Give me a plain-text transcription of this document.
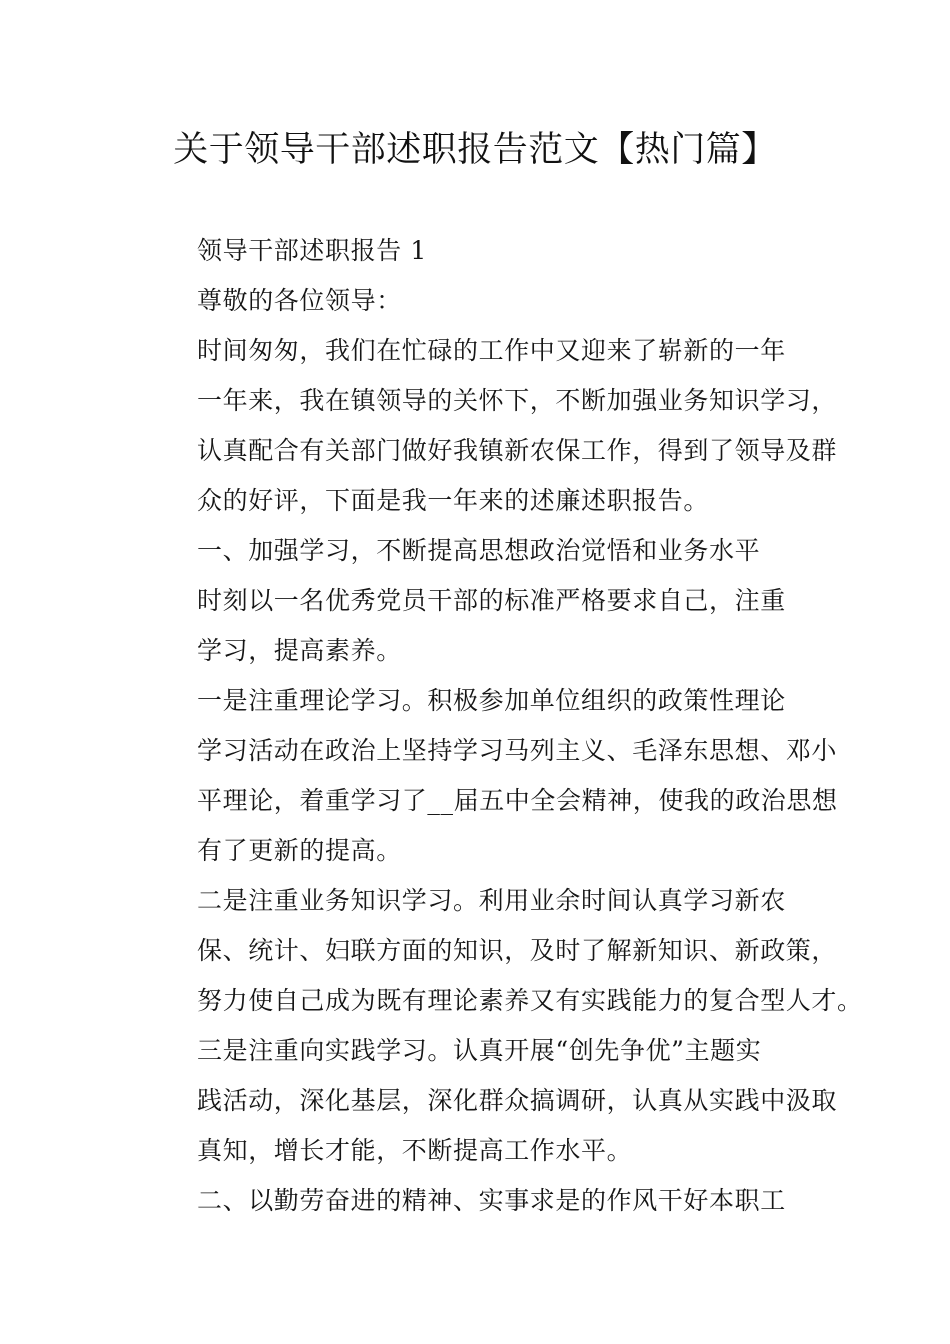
关于领导干部述职报告范文【热门篇】

领导干部述职报告 1

尊敬的各位领导：

时间匆匆，我们在忙碌的工作中又迎来了崭新的一年
一年来，我在镇领导的关怀下，不断加强业务知识学习，
认真配合有关部门做好我镇新农保工作，得到了领导及群
众的好评，下面是我一年来的述廉述职报告。

一、加强学习，不断提高思想政治觉悟和业务水平

时刻以一名优秀党员干部的标准严格要求自己，注重
学习，提高素养。

一是注重理论学习。积极参加单位组织的政策性理论
学习活动在政治上坚持学习马列主义、毛泽东思想、邓小
平理论，着重学习了__届五中全会精神，使我的政治思想
有了更新的提高。

二是注重业务知识学习。利用业余时间认真学习新农
保、统计、妇联方面的知识，及时了解新知识、新政策，
努力使自己成为既有理论素养又有实践能力的复合型人才。

三是注重向实践学习。认真开展“创先争优”主题实
践活动，深化基层，深化群众搞调研，认真从实践中汲取
真知，增长才能，不断提高工作水平。

二、以勤劳奋进的精神、实事求是的作风干好本职工
